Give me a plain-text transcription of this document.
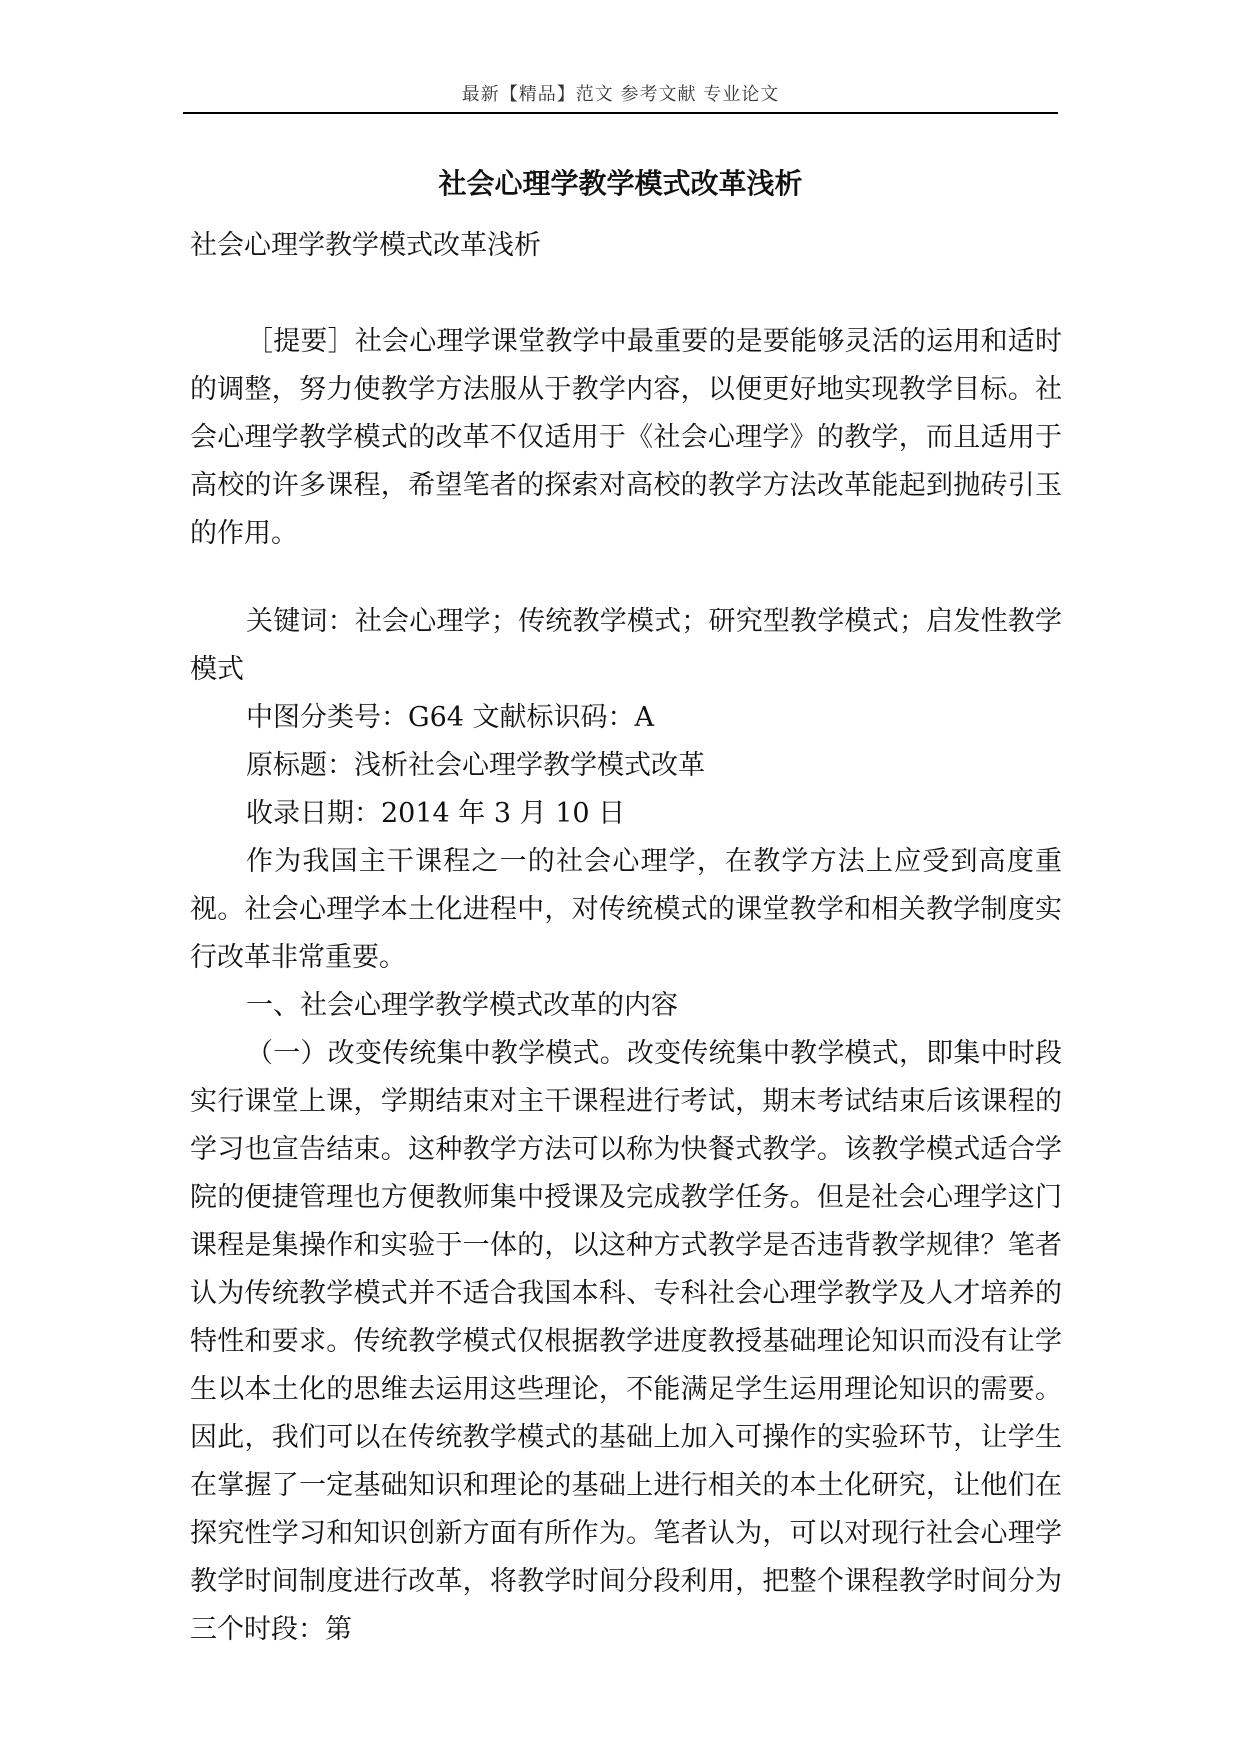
最新【精品】范文 参考文献 专业论文
社会心理学教学模式改革浅析

社会心理学教学模式改革浅析

［提要］社会心理学课堂教学中最重要的是要能够灵活的运用和适时的调整，努力使教学方法服从于教学内容，以便更好地实现教学目标。社会心理学教学模式的改革不仅适用于《社会心理学》的教学，而且适用于高校的许多课程，希望笔者的探索对高校的教学方法改革能起到抛砖引玉的作用。

关键词：社会心理学；传统教学模式；研究型教学模式；启发性教学模式

中图分类号：G64 文献标识码：A

原标题：浅析社会心理学教学模式改革

收录日期：2014 年 3 月 10 日

作为我国主干课程之一的社会心理学，在教学方法上应受到高度重视。社会心理学本土化进程中，对传统模式的课堂教学和相关教学制度实行改革非常重要。

一、社会心理学教学模式改革的内容

（一）改变传统集中教学模式。改变传统集中教学模式，即集中时段实行课堂上课，学期结束对主干课程进行考试，期末考试结束后该课程的学习也宣告结束。这种教学方法可以称为快餐式教学。该教学模式适合学院的便捷管理也方便教师集中授课及完成教学任务。但是社会心理学这门课程是集操作和实验于一体的，以这种方式教学是否违背教学规律？笔者认为传统教学模式并不适合我国本科、专科社会心理学教学及人才培养的特性和要求。传统教学模式仅根据教学进度教授基础理论知识而没有让学生以本土化的思维去运用这些理论，不能满足学生运用理论知识的需要。因此，我们可以在传统教学模式的基础上加入可操作的实验环节，让学生在掌握了一定基础知识和理论的基础上进行相关的本土化研究，让他们在探究性学习和知识创新方面有所作为。笔者认为，可以对现行社会心理学教学时间制度进行改革，将教学时间分段利用，把整个课程教学时间分为三个时段：第
